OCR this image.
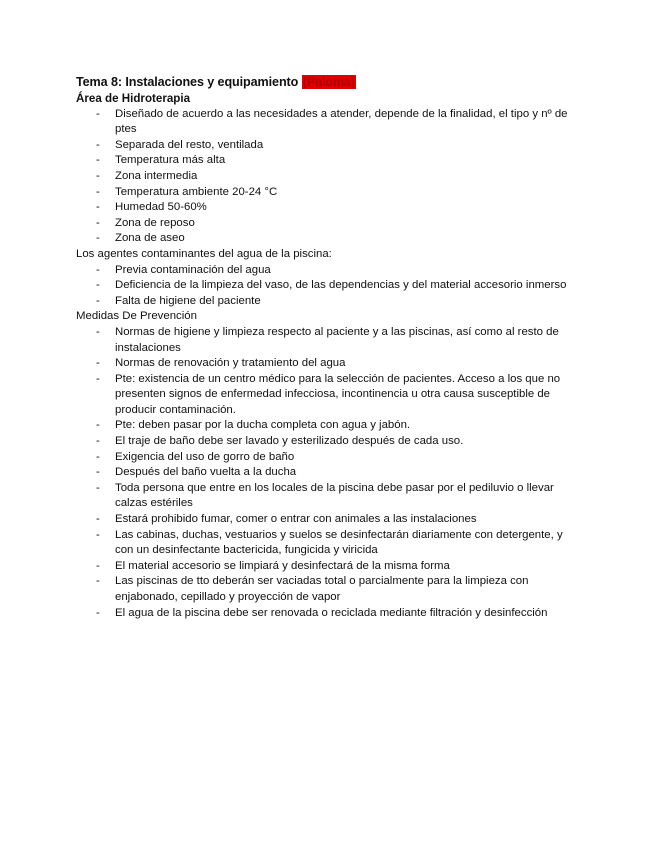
Tema 8: Instalaciones y equipamiento (Paloma)
Área de Hidroterapia
- Diseñado de acuerdo a las necesidades a atender, depende de la finalidad, el tipo y nº de ptes
- Separada del resto, ventilada
- Temperatura más alta
- Zona intermedia
- Temperatura ambiente 20-24 °C
- Humedad 50-60%
- Zona de reposo
- Zona de aseo

Los agentes contaminantes del agua de la piscina:

- Previa contaminación del agua
- Deficiencia de la limpieza del vaso, de las dependencias y del material accesorio inmerso
- Falta de higiene del paciente

Medidas De Prevención

- Normas de higiene y limpieza respecto al paciente y a las piscinas, así como al resto de instalaciones
- Normas de renovación y tratamiento del agua
- Pte: existencia de un centro médico para la selección de pacientes. Acceso a los que no presenten signos de enfermedad infecciosa, incontinencia u otra causa susceptible de producir contaminación.
- Pte: deben pasar por la ducha completa con agua y jabón.
- El traje de baño debe ser lavado y esterilizado después de cada uso.
- Exigencia del uso de gorro de baño
- Después del baño vuelta a la ducha
- Toda persona que entre en los locales de la piscina debe pasar por el pediluvio o llevar calzas estériles
- Estará prohibido fumar, comer o entrar con animales a las instalaciones
- Las cabinas, duchas, vestuarios y suelos se desinfectarán diariamente con detergente, y con un desinfectante bactericida, fungicida y viricida
- El material accesorio se limpiará y desinfectará de la misma forma
- Las piscinas de tto deberán ser vaciadas total o parcialmente para la limpieza con enjabonado, cepillado y proyección de vapor
- El agua de la piscina debe ser renovada o reciclada mediante filtración y desinfección
